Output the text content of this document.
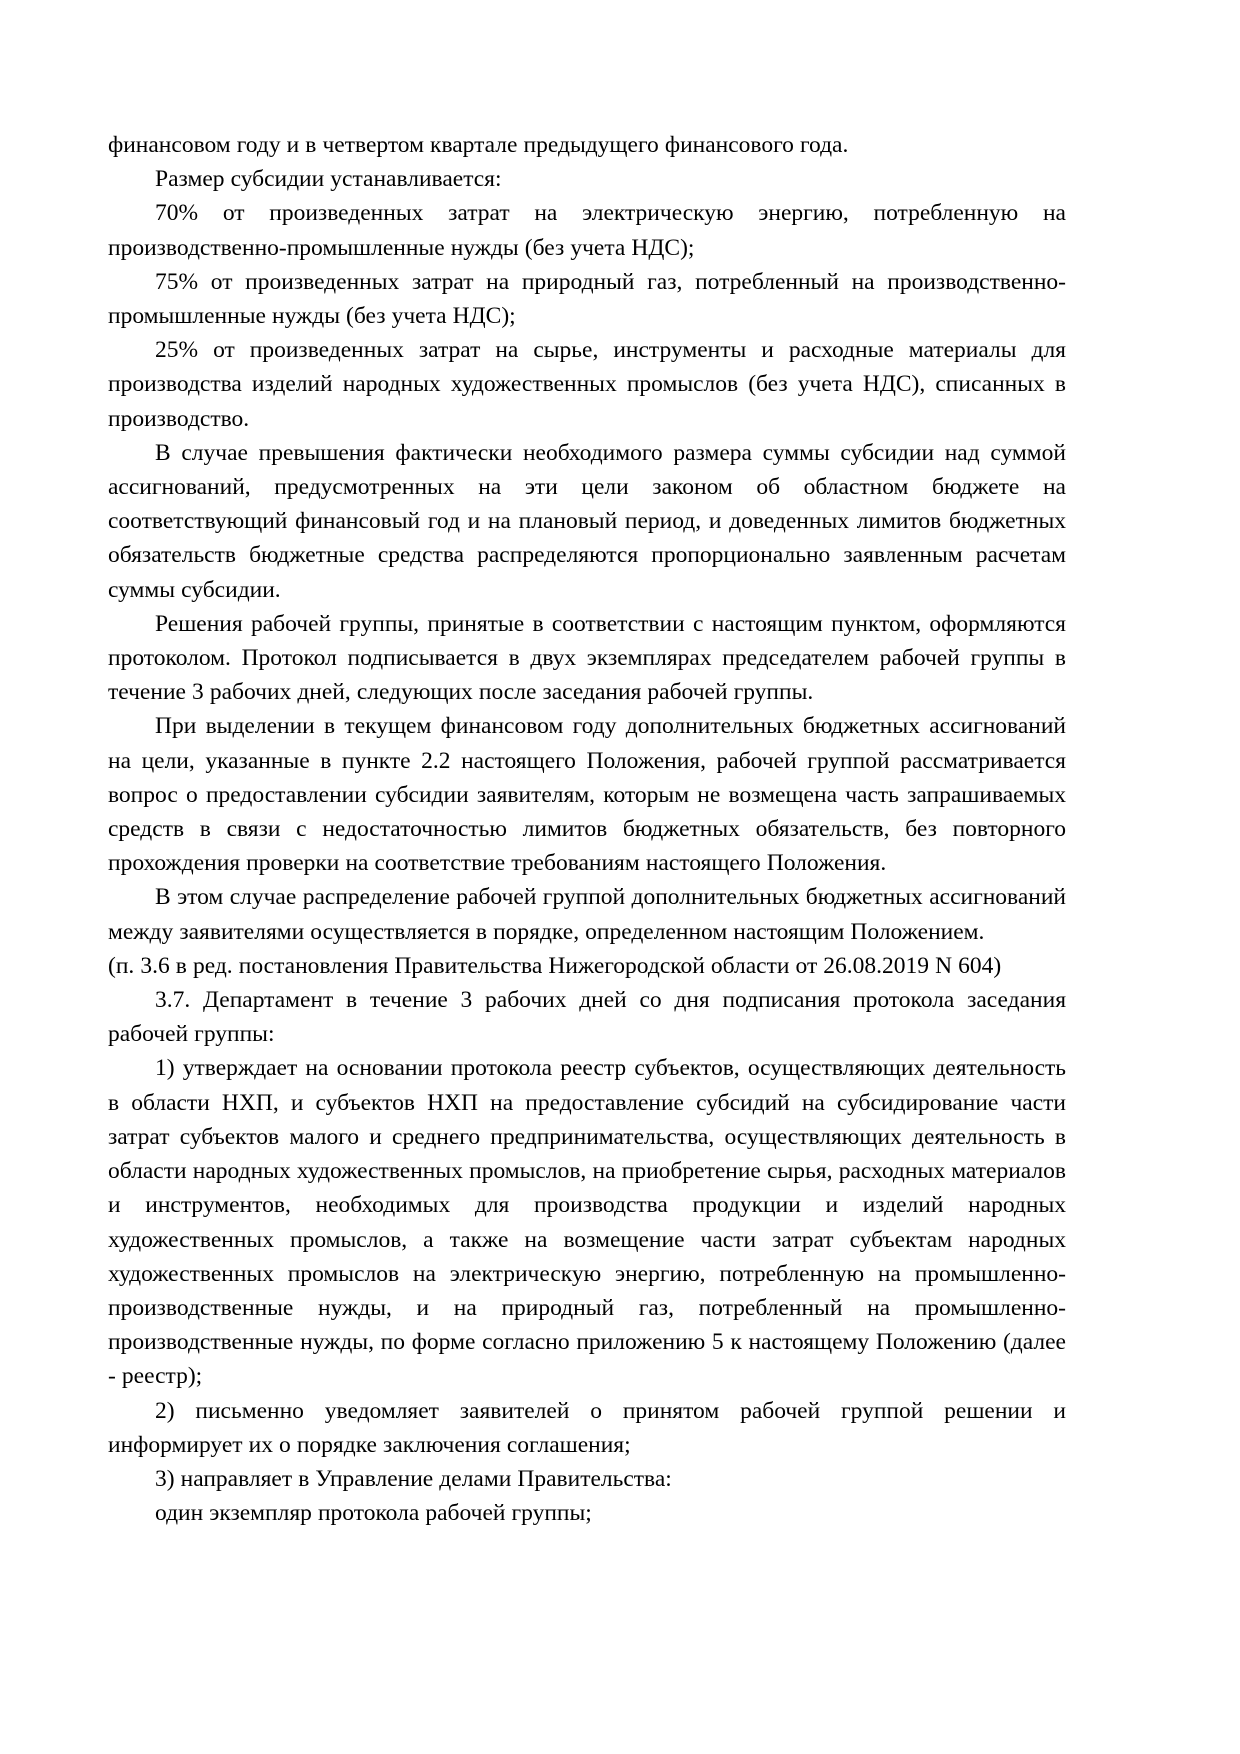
финансовом году и в четвертом квартале предыдущего финансового года.

Размер субсидии устанавливается:

70% от произведенных затрат на электрическую энергию, потребленную на производственно-промышленные нужды (без учета НДС);

75% от произведенных затрат на природный газ, потребленный на производственно-промышленные нужды (без учета НДС);

25% от произведенных затрат на сырье, инструменты и расходные материалы для производства изделий народных художественных промыслов (без учета НДС), списанных в производство.

В случае превышения фактически необходимого размера суммы субсидии над суммой ассигнований, предусмотренных на эти цели законом об областном бюджете на соответствующий финансовый год и на плановый период, и доведенных лимитов бюджетных обязательств бюджетные средства распределяются пропорционально заявленным расчетам суммы субсидии.

Решения рабочей группы, принятые в соответствии с настоящим пунктом, оформляются протоколом. Протокол подписывается в двух экземплярах председателем рабочей группы в течение 3 рабочих дней, следующих после заседания рабочей группы.

При выделении в текущем финансовом году дополнительных бюджетных ассигнований на цели, указанные в пункте 2.2 настоящего Положения, рабочей группой рассматривается вопрос о предоставлении субсидии заявителям, которым не возмещена часть запрашиваемых средств в связи с недостаточностью лимитов бюджетных обязательств, без повторного прохождения проверки на соответствие требованиям настоящего Положения.

В этом случае распределение рабочей группой дополнительных бюджетных ассигнований между заявителями осуществляется в порядке, определенном настоящим Положением.

(п. 3.6 в ред. постановления Правительства Нижегородской области от 26.08.2019 N 604)

3.7. Департамент в течение 3 рабочих дней со дня подписания протокола заседания рабочей группы:

1) утверждает на основании протокола реестр субъектов, осуществляющих деятельность в области НХП, и субъектов НХП на предоставление субсидий на субсидирование части затрат субъектов малого и среднего предпринимательства, осуществляющих деятельность в области народных художественных промыслов, на приобретение сырья, расходных материалов и инструментов, необходимых для производства продукции и изделий народных художественных промыслов, а также на возмещение части затрат субъектам народных художественных промыслов на электрическую энергию, потребленную на промышленно-производственные нужды, и на природный газ, потребленный на промышленно-производственные нужды, по форме согласно приложению 5 к настоящему Положению (далее - реестр);

2) письменно уведомляет заявителей о принятом рабочей группой решении и информирует их о порядке заключения соглашения;

3) направляет в Управление делами Правительства:

один экземпляр протокола рабочей группы;
